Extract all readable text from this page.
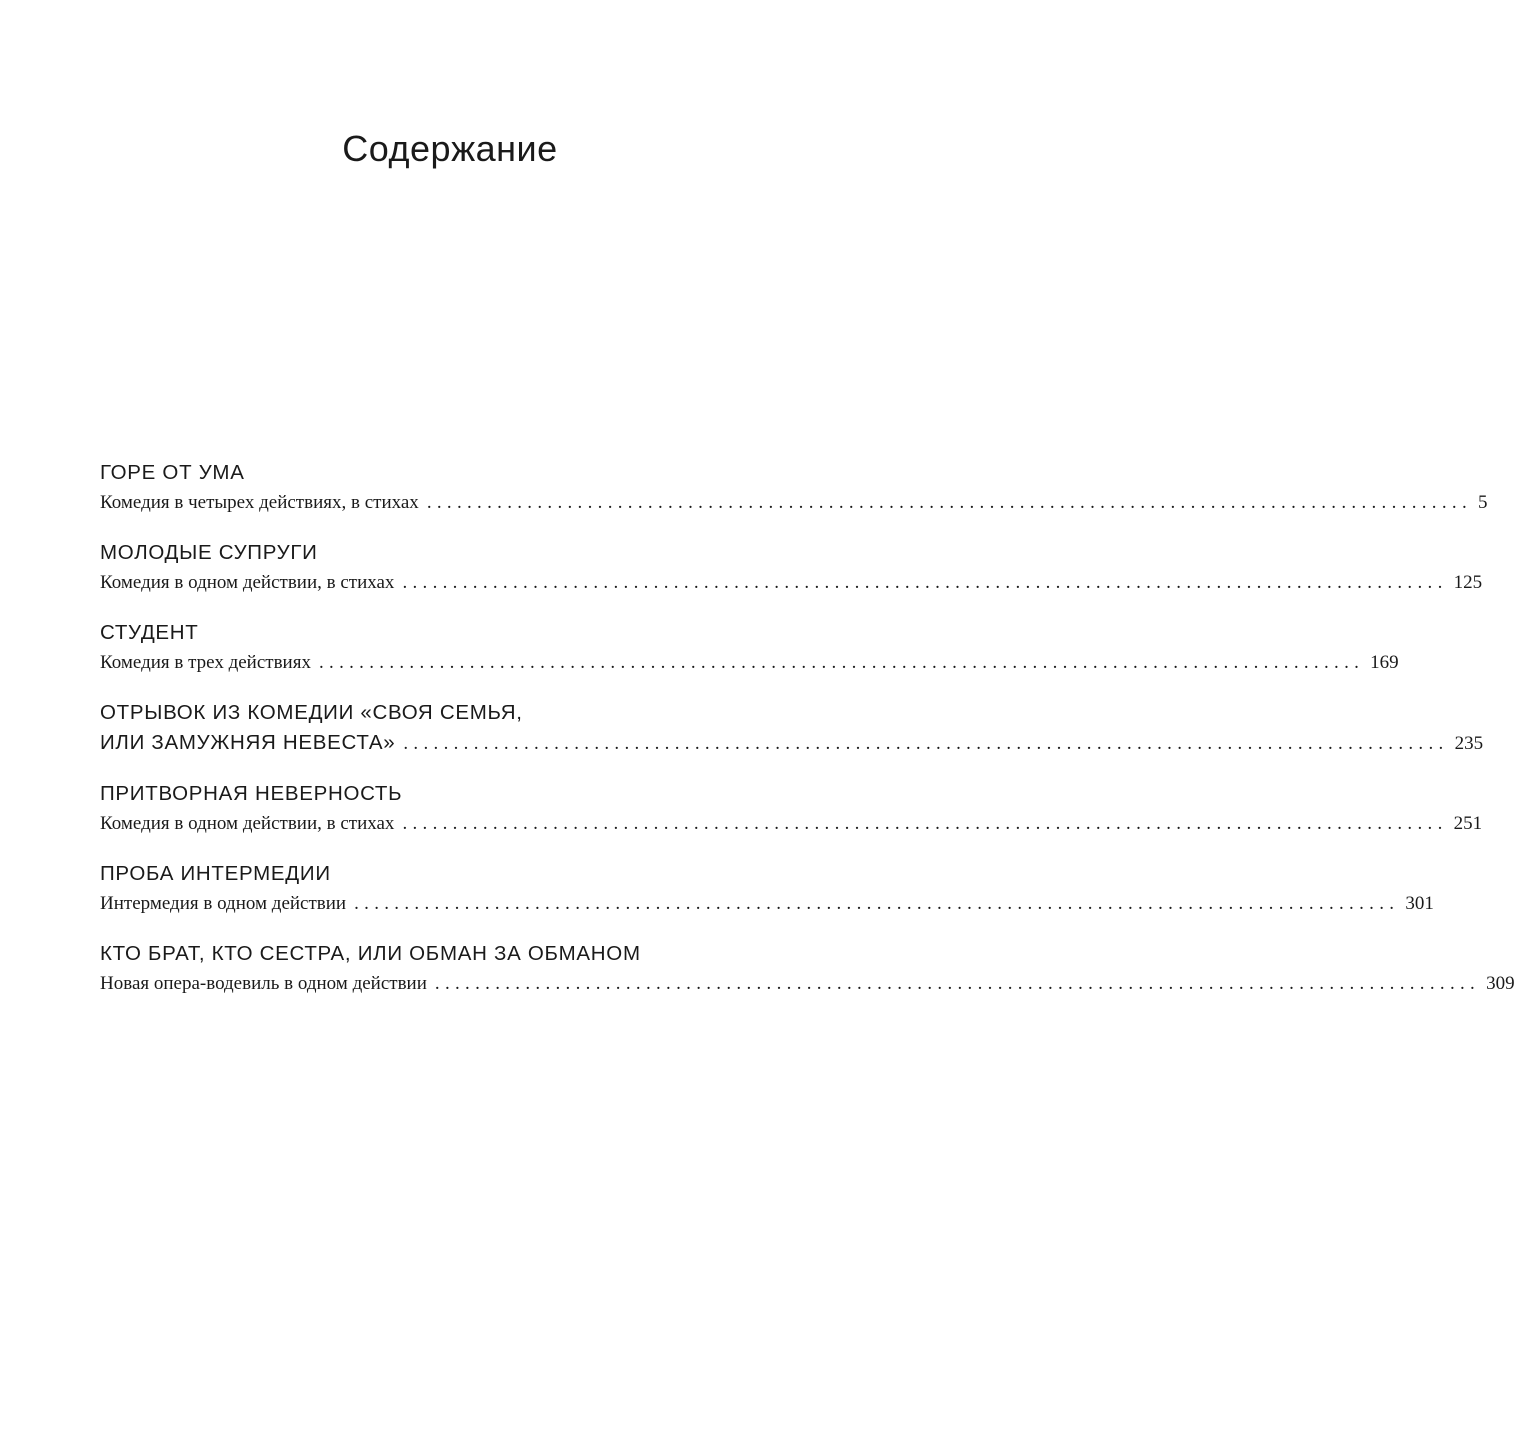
Содержание
ГОРЕ ОТ УМА
Комедия в четырех действиях, в стихах ........................................................................................................ 5
МОЛОДЫЕ СУПРУГИ
Комедия в одном действии, в стихах ........................................................................................................ 125
СТУДЕНТ
Комедия в трех действиях ........................................................................................................ 169
ОТРЫВОК ИЗ КОМЕДИИ «СВОЯ СЕМЬЯ,
ИЛИ ЗАМУЖНЯЯ НЕВЕСТА» ........................................................................................................ 235
ПРИТВОРНАЯ НЕВЕРНОСТЬ
Комедия в одном действии, в стихах ........................................................................................................ 251
ПРОБА ИНТЕРМЕДИИ
Интермедия в одном действии ........................................................................................................ 301
КТО БРАТ, КТО СЕСТРА, ИЛИ ОБМАН ЗА ОБМАНОМ
Новая опера-водевиль в одном действии ........................................................................................................ 309
